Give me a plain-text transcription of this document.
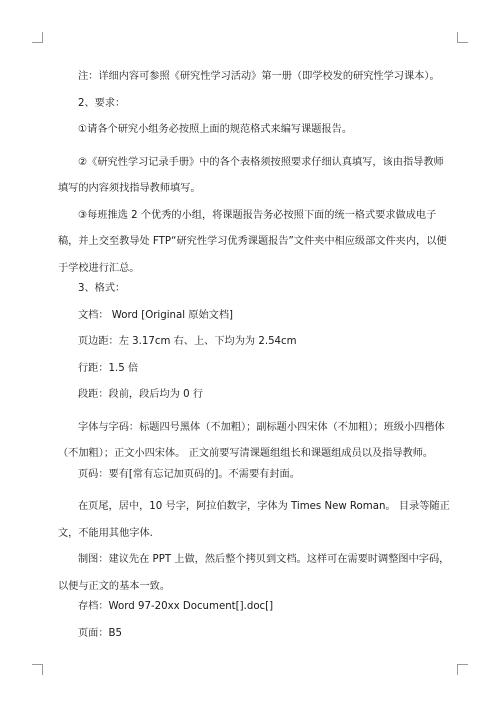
注：详细内容可参照《研究性学习活动》第一册（即学校发的研究性学习课本）。

2、要求：

①请各个研究小组务必按照上面的规范格式来编写课题报告。

②《研究性学习记录手册》中的各个表格须按照要求仔细认真填写，该由指导教师填写的内容须找指导教师填写。

③每班推选 2 个优秀的小组，将课题报告务必按照下面的统一格式要求做成电子稿，并上交至教导处 FTP“研究性学习优秀课题报告”文件夹中相应级部文件夹内，以便于学校进行汇总。

3、格式：

文档： Word [Original 原始文档]

页边距：左 3.17cm 右、上、下均为为 2.54cm

行距：1.5 倍

段距：段前，段后均为 0 行

字体与字码：标题四号黑体（不加粗）；副标题小四宋体（不加粗）；班级小四楷体（不加粗）；正文小四宋体。 正文前要写清课题组组长和课题组成员以及指导教师。

页码：要有[常有忘记加页码的]。不需要有封面。

在页尾，居中，10 号字，阿拉伯数字，字体为 Times New Roman。 目录等随正文，不能用其他字体.

制图：建议先在 PPT 上做，然后整个拷贝到文档。这样可在需要时调整图中字码，以便与正文的基本一致。

存档：Word 97-20xx Document[].doc[]

页面：B5
